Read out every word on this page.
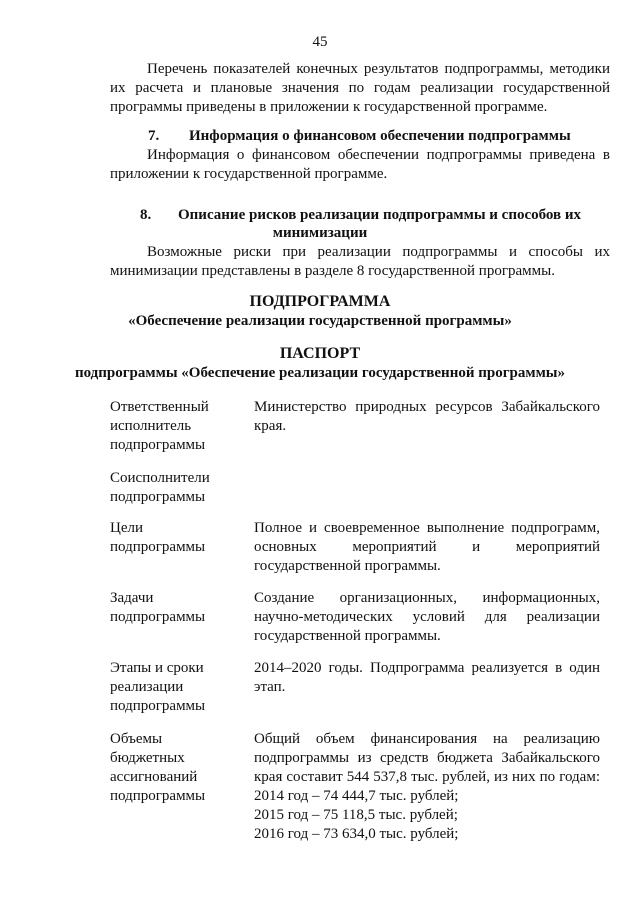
45
Перечень показателей конечных результатов подпрограммы, методики
их расчета и плановые значения по годам реализации государственной
программы приведены в приложении к государственной программе.
7. Информация о финансовом обеспечении подпрограммы
Информация о финансовом обеспечении подпрограммы приведена в
приложении к государственной программе.
8. Описание рисков реализации подпрограммы и способов их
минимизации
Возможные риски при реализации подпрограммы и способы их
минимизации представлены в разделе 8 государственной программы.
ПОДПРОГРАММА
«Обеспечение реализации государственной программы»
ПАСПОРТ
подпрограммы «Обеспечение реализации государственной программы»
Ответственный
исполнитель
подпрограммы
Министерство природных ресурсов Забайкальского
края.
Соисполнители
подпрограммы
Цели
подпрограммы
Полное и своевременное выполнение подпрограмм,
основных мероприятий и мероприятий
государственной программы.
Задачи
подпрограммы
Создание организационных, информационных,
научно-методических условий для реализации
государственной программы.
Этапы и сроки
реализации
подпрограммы
2014–2020 годы. Подпрограмма реализуется в один
этап.
Объемы
бюджетных
ассигнований
подпрограммы
Общий объем финансирования на реализацию
подпрограммы из средств бюджета Забайкальского
края составит 544 537,8 тыс. рублей, из них по годам:
2014 год – 74 444,7 тыс. рублей;
2015 год – 75 118,5 тыс. рублей;
2016 год – 73 634,0 тыс. рублей;
